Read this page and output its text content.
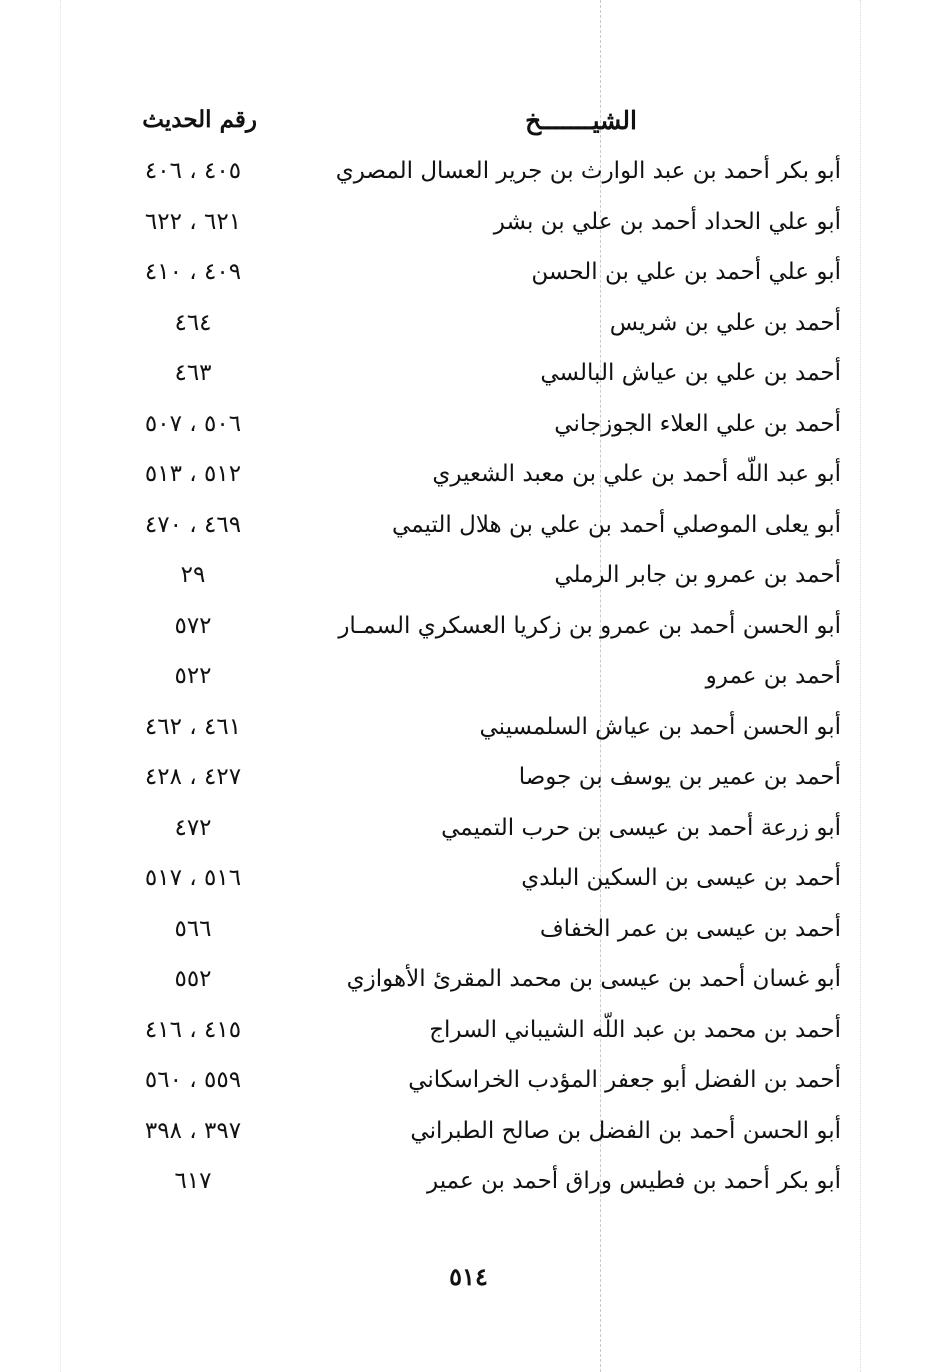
الشيـــــــخ
رقم الحديث
أبو بكر أحمد بن عبد الوارث بن جرير العسال المصري
٤٠٥ ، ٤٠٦
أبو علي الحداد أحمد بن علي بن بشر
٦٢١ ، ٦٢٢
أبو علي أحمد بن علي بن الحسن
٤٠٩ ، ٤١٠
أحمد بن علي بن شريس
٤٦٤
أحمد بن علي بن عياش البالسي
٤٦٣
أحمد بن علي العلاء الجوزجاني
٥٠٦ ، ٥٠٧
أبو عبد اللّه أحمد بن علي بن معبد الشعيري
٥١٢ ، ٥١٣
أبو يعلى الموصلي أحمد بن علي بن هلال التيمي
٤٦٩ ، ٤٧٠
أحمد بن عمرو بن جابر الرملي
٢٩
أبو الحسن أحمد بن عمرو بن زكريا العسكري السمـار
٥٧٢
أحمد بن عمرو
٥٢٢
أبو الحسن أحمد بن عياش السلمسيني
٤٦١ ، ٤٦٢
أحمد بن عمير بن يوسف بن جوصا
٤٢٧ ، ٤٢٨
أبو زرعة أحمد بن عيسى بن حرب التميمي
٤٧٢
أحمد بن عيسى بن السكين البلدي
٥١٦ ، ٥١٧
أحمد بن عيسى بن عمر الخفاف
٥٦٦
أبو غسان أحمد بن عيسى بن محمد المقرئ الأهوازي
٥٥٢
أحمد بن محمد بن عبد اللّه الشيباني السراج
٤١٥ ، ٤١٦
أحمد بن الفضل أبو جعفر المؤدب الخراسكاني
٥٥٩ ، ٥٦٠
أبو الحسن أحمد بن الفضل بن صالح الطبراني
٣٩٧ ، ٣٩٨
أبو بكر أحمد بن فطيس وراق أحمد بن عمير
٦١٧
٥١٤
